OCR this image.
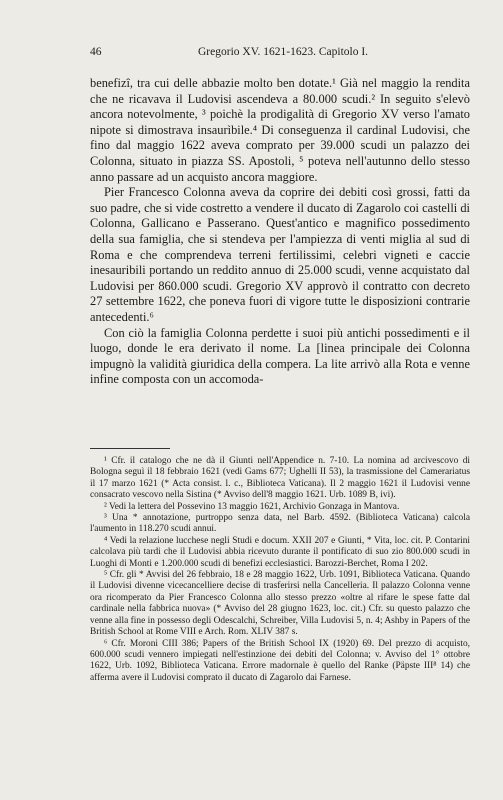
46	Gregorio XV. 1621-1623. Capitolo I.

benefizî, tra cui delle abbazie molto ben dotate.¹ Già nel maggio la rendita che ne ricavava il Ludovisi ascendeva a 80.000 scudi.² In seguito s'elevò ancora notevolmente, ³ poichè la prodigalità di Gregorio XV verso l'amato nipote si dimostrava insaurìbile.⁴ Di conseguenza il cardinal Ludovisi, che fino dal maggio 1622 aveva comprato per 39.000 scudi un palazzo dei Colonna, situato in piazza SS. Apostoli, ⁵ poteva nell'autunno dello stesso anno passare ad un acquisto ancora maggiore.

Pier Francesco Colonna aveva da coprire dei debiti così grossi, fatti da suo padre, che si vide costretto a vendere il ducato di Zagarolo coi castelli di Colonna, Gallicano e Passerano. Quest'antico e magnifico possedimento della sua famiglia, che si stendeva per l'ampiezza di venti miglia al sud di Roma e che comprendeva terreni fertilissimi, celebri vigneti e caccie inesauribili portando un reddito annuo di 25.000 scudi, venne acquistato dal Ludovisi per 860.000 scudi. Gregorio XV approvò il contratto con decreto 27 settembre 1622, che poneva fuori di vigore tutte le disposizioni contrarie antecedenti.⁶

Con ciò la famiglia Colonna perdette i suoi più antichi possedimenti e il luogo, donde le era derivato il nome. La [linea principale dei Colonna impugnò la validità giuridica della compera. La lite arrivò alla Rota e venne infine composta con un accomoda-

¹ Cfr. il catalogo che ne dà il Giunti nell'Appendice n. 7-10. La nomina ad arcivescovo di Bologna seguì il 18 febbraio 1621 (vedi Gams 677; Ughelli II 53), la trasmissione del Camerariatus il 17 marzo 1621 (* Acta consist. l. c., Biblioteca Vaticana). Il 2 maggio 1621 il Ludovisi venne consacrato vescovo nella Sistina (* Avviso dell'8 maggio 1621. Urb. 1089 B, ivi).

² Vedi la lettera del Possevino 13 maggio 1621, Archivio Gonzaga in Mantova.

³ Una * annotazione, purtroppo senza data, nel Barb. 4592. (Biblioteca Vaticana) calcola l'aumento in 118.270 scudi annui.

⁴ Vedi la relazione lucchese negli Studi e docum. XXII 207 e Giunti, * Vita, loc. cit. P. Contarini calcolava più tardi che il Ludovisi abbia ricevuto durante il pontificato di suo zio 800.000 scudi in Luoghi di Monti e 1.200.000 scudi di benefizi ecclesiastici. Barozzi-Berchet, Roma I 202.

⁵ Cfr. gli * Avvisi del 26 febbraio, 18 e 28 maggio 1622, Urb. 1091, Biblioteca Vaticana. Quando il Ludovisi divenne vicecancelliere decise di trasferirsi nella Cancelleria. Il palazzo Colonna venne ora ricomperato da Pier Francesco Colonna allo stesso prezzo «oltre al rifare le spese fatte dal cardinale nella fabbrica nuova» (* Avviso del 28 giugno 1623, loc. cit.) Cfr. su questo palazzo che venne alla fine in possesso degli Odescalchi, Schreiber, Villa Ludovisi 5, n. 4; Ashby in Papers of the British School at Rome VIII e Arch. Rom. XLIV 387 s.

⁶ Cfr. Moroni CIII 386; Papers of the British School IX (1920) 69. Del prezzo di acquisto, 600.000 scudi vennero impiegati nell'estinzione dei debiti del Colonna; v. Avviso del 1° ottobre 1622, Urb. 1092, Biblioteca Vaticana. Errore madornale è quello del Ranke (Päpste III⁸ 14) che afferma avere il Ludovisi comprato il ducato di Zagarolo dai Farnese.
